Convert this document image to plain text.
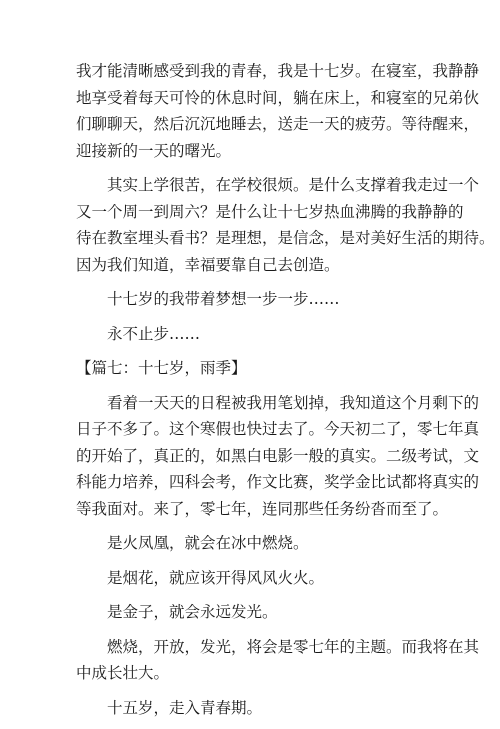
我才能清晰感受到我的青春，我是十七岁。在寝室，我静静
地享受着每天可怜的休息时间，躺在床上，和寝室的兄弟伙
们聊聊天，然后沉沉地睡去，送走一天的疲劳。等待醒来，
迎接新的一天的曙光。

其实上学很苦，在学校很烦。是什么支撑着我走过一个
又一个周一到周六？是什么让十七岁热血沸腾的我静静的
待在教室埋头看书？是理想，是信念，是对美好生活的期待。
因为我们知道，幸福要靠自己去创造。

十七岁的我带着梦想一步一步……

永不止步……

【篇七：十七岁，雨季】

看着一天天的日程被我用笔划掉，我知道这个月剩下的
日子不多了。这个寒假也快过去了。今天初二了，零七年真
的开始了，真正的，如黑白电影一般的真实。二级考试，文
科能力培养，四科会考，作文比赛，奖学金比试都将真实的
等我面对。来了，零七年，连同那些任务纷沓而至了。

是火凤凰，就会在冰中燃烧。

是烟花，就应该开得风风火火。

是金子，就会永远发光。

燃烧，开放，发光，将会是零七年的主题。而我将在其
中成长壮大。

十五岁，走入青春期。
